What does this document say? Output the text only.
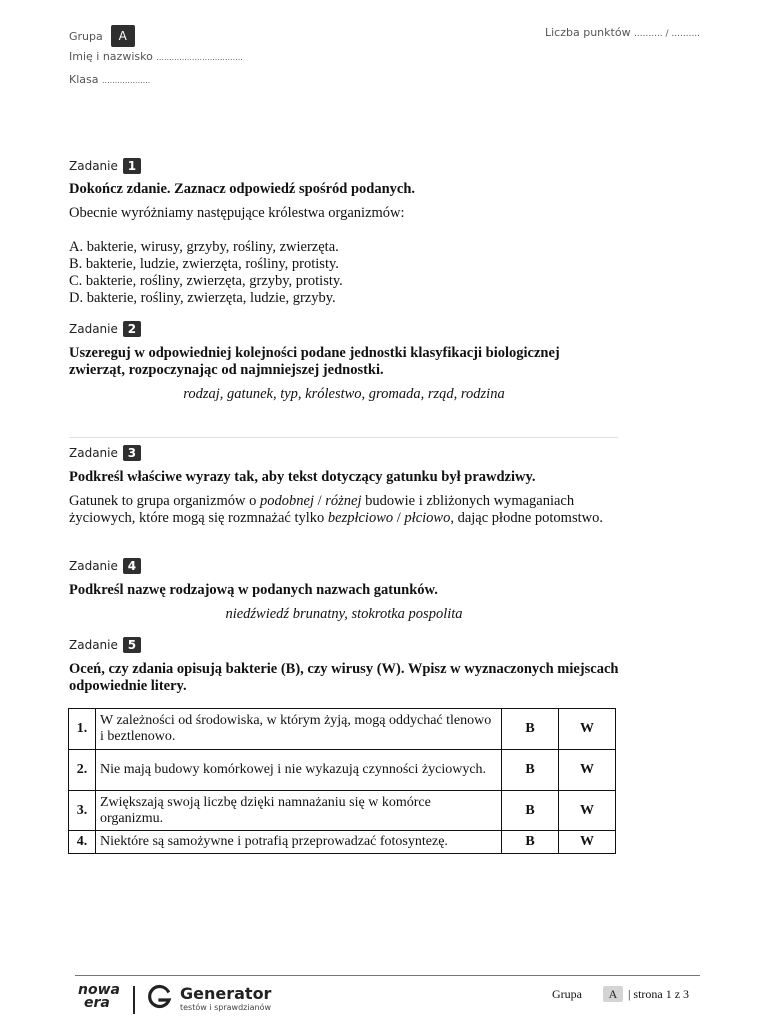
Grupa	A
Imię i nazwisko ..................................
Klasa ...................
Liczba punktów .......... / ..........
Zadanie 1
Dokończ zdanie. Zaznacz odpowiedź spośród podanych.
Obecnie wyróżniamy następujące królestwa organizmów:
A. bakterie, wirusy, grzyby, rośliny, zwierzęta.
B. bakterie, ludzie, zwierzęta, rośliny, protisty.
C. bakterie, rośliny, zwierzęta, grzyby, protisty.
D. bakterie, rośliny, zwierzęta, ludzie, grzyby.
Zadanie 2
Uszereguj w odpowiedniej kolejności podane jednostki klasyfikacji biologicznej zwierząt, rozpoczynając od najmniejszej jednostki.
rodzaj, gatunek, typ, królestwo, gromada, rząd, rodzina
Zadanie 3
Podkreśl właściwe wyrazy tak, aby tekst dotyczący gatunku był prawdziwy.
Gatunek to grupa organizmów o podobnej / różnej budowie i zbliżonych wymaganiach życiowych, które mogą się rozmnażać tylko bezpłciowo / płciowo, dając płodne potomstwo.
Zadanie 4
Podkreśl nazwę rodzajową w podanych nazwach gatunków.
niedźwiedź brunatny, stokrotka pospolita
Zadanie 5
Oceń, czy zdania opisują bakterie (B), czy wirusy (W). Wpisz w wyznaczonych miejscach odpowiednie litery.
1.	W zależności od środowiska, w którym żyją, mogą oddychać tlenowo i beztlenowo.	B	W
2.	Nie mają budowy komórkowej i nie wykazują czynności życiowych.	B	W
3.	Zwiększają swoją liczbę dzięki namnażaniu się w komórce organizmu.	B	W
4.	Niektóre są samożywne i potrafią przeprowadzać fotosyntezę.	B	W
nowa
era	Generator
testów i sprawdzianów
Grupa	A | strona 1 z 3
